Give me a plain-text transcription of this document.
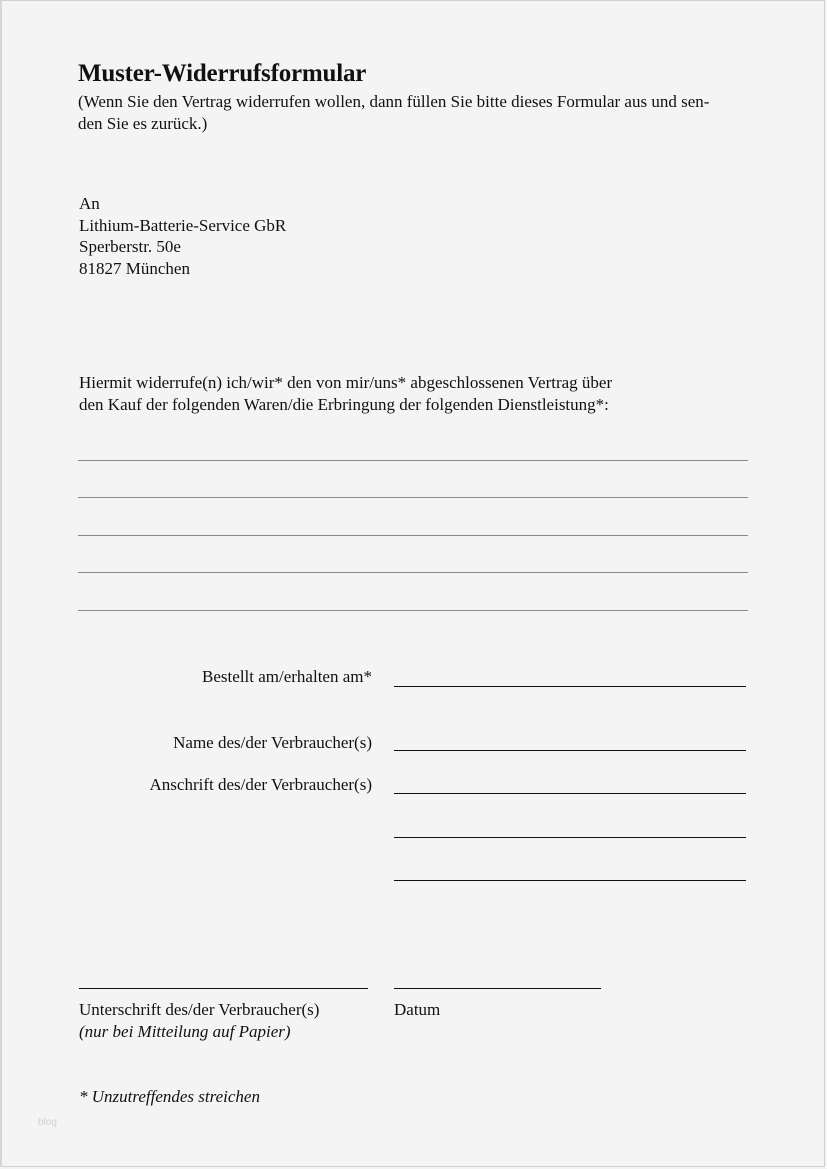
Muster-Widerrufsformular
(Wenn Sie den Vertrag widerrufen wollen, dann füllen Sie bitte dieses Formular aus und sen-
den Sie es zurück.)
An
Lithium-Batterie-Service GbR
Sperberstr. 50e
81827 München
Hiermit widerrufe(n) ich/wir* den von mir/uns* abgeschlossenen Vertrag über
den Kauf der folgenden Waren/die Erbringung der folgenden Dienstleistung*:
Bestellt am/erhalten am*
Name des/der Verbraucher(s)
Anschrift des/der Verbraucher(s)
Unterschrift des/der Verbraucher(s)
(nur bei Mitteilung auf Papier)
Datum
* Unzutreffendes streichen
blog
